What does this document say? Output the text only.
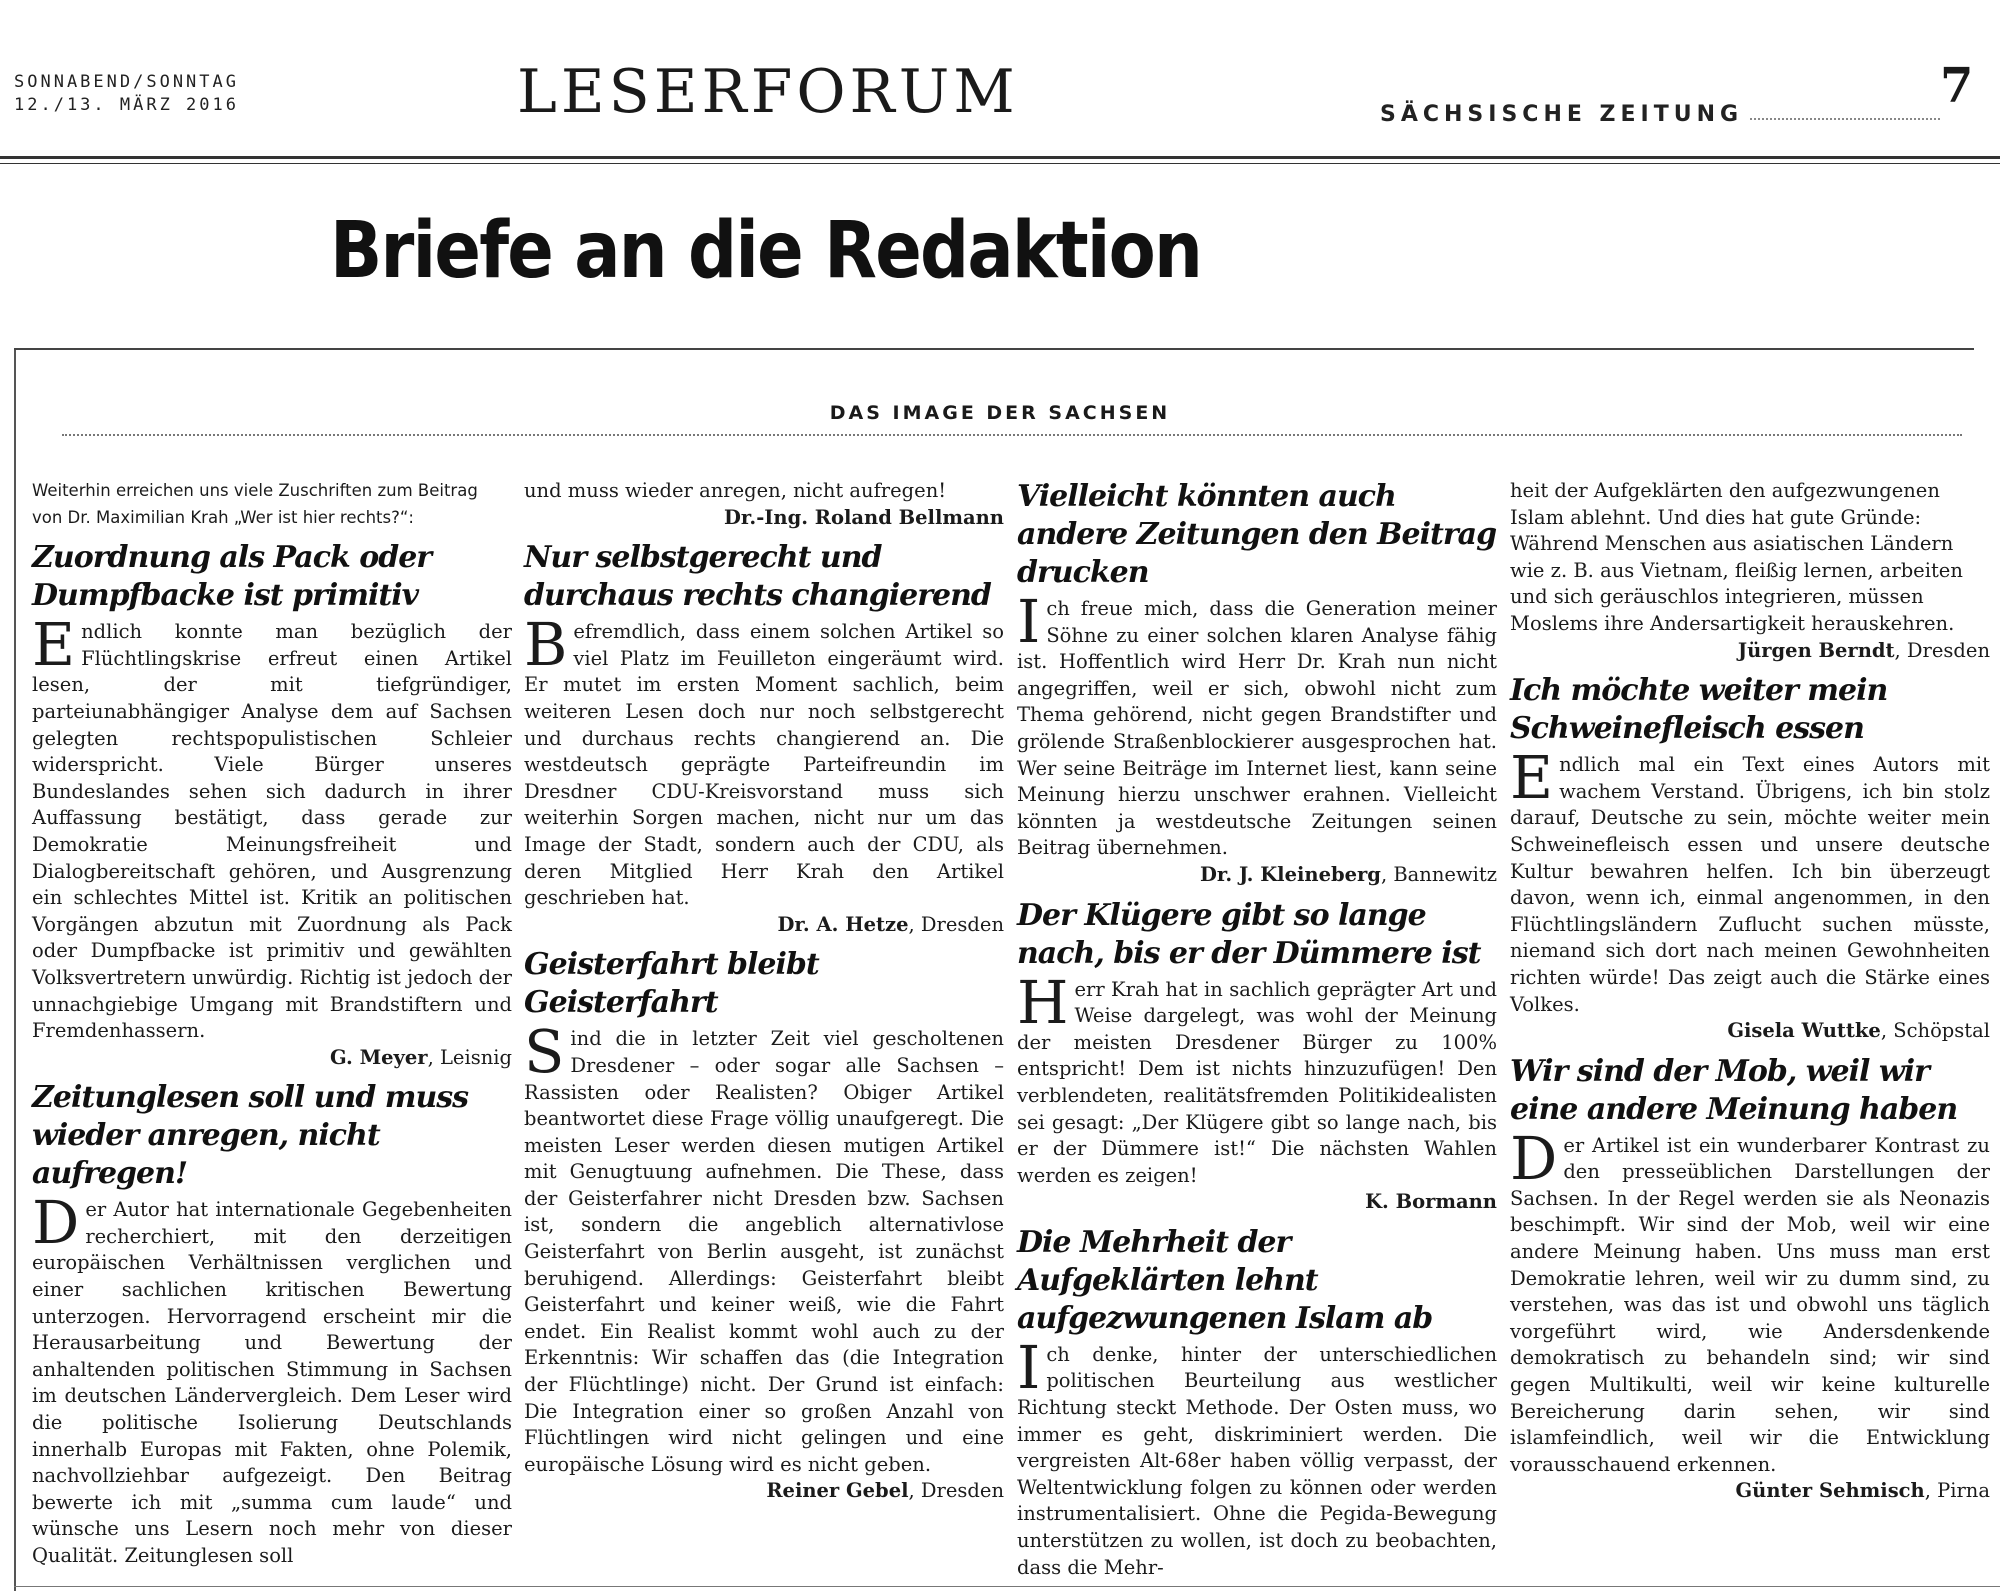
SONNABEND/SONNTAG
12./13. MÄRZ 2016	LESERFORUM	SÄCHSISCHE ZEITUNG
7
Briefe an die Redaktion
DAS IMAGE DER SACHSEN

Weiterhin erreichen uns viele Zuschriften zum Beitrag von Dr. Maximilian Krah „Wer ist hier rechts?“:

Zuordnung als Pack oder Dumpfbacke ist primitiv

Endlich konnte man bezüglich der Flüchtlingskrise erfreut einen Artikel lesen, der mit tiefgründiger, parteiunabhängiger Analyse dem auf Sachsen gelegten rechtspopulistischen Schleier widerspricht. Viele Bürger unseres Bundeslandes sehen sich dadurch in ihrer Auffassung bestätigt, dass gerade zur Demokratie Meinungsfreiheit und Dialogbereitschaft gehören, und Ausgrenzung ein schlechtes Mittel ist. Kritik an politischen Vorgängen abzutun mit Zuordnung als Pack oder Dumpfbacke ist primitiv und gewählten Volksvertretern unwürdig. Richtig ist jedoch der unnachgiebige Umgang mit Brandstiftern und Fremdenhassern.

G. Meyer, Leisnig

Zeitunglesen soll und muss wieder anregen, nicht aufregen!

Der Autor hat internationale Gegebenheiten recherchiert, mit den derzeitigen europäischen Verhältnissen verglichen und einer sachlichen kritischen Bewertung unterzogen. Hervorragend erscheint mir die Herausarbeitung und Bewertung der anhaltenden politischen Stimmung in Sachsen im deutschen Ländervergleich. Dem Leser wird die politische Isolierung Deutschlands innerhalb Europas mit Fakten, ohne Polemik, nachvollziehbar aufgezeigt. Den Beitrag bewerte ich mit „summa cum laude“ und wünsche uns Lesern noch mehr von dieser Qualität. Zeitunglesen soll

und muss wieder anregen, nicht aufregen!

Dr.-Ing. Roland Bellmann

Nur selbstgerecht und durchaus rechts changierend

Befremdlich, dass einem solchen Artikel so viel Platz im Feuilleton eingeräumt wird. Er mutet im ersten Moment sachlich, beim weiteren Lesen doch nur noch selbstgerecht und durchaus rechts changierend an. Die westdeutsch geprägte Parteifreundin im Dresdner CDU-Kreisvorstand muss sich weiterhin Sorgen machen, nicht nur um das Image der Stadt, sondern auch der CDU, als deren Mitglied Herr Krah den Artikel geschrieben hat.

Dr. A. Hetze, Dresden

Geisterfahrt bleibt Geisterfahrt

Sind die in letzter Zeit viel gescholtenen Dresdener – oder sogar alle Sachsen – Rassisten oder Realisten? Obiger Artikel beantwortet diese Frage völlig unaufgeregt. Die meisten Leser werden diesen mutigen Artikel mit Genugtuung aufnehmen. Die These, dass der Geisterfahrer nicht Dresden bzw. Sachsen ist, sondern die angeblich alternativlose Geisterfahrt von Berlin ausgeht, ist zunächst beruhigend. Allerdings: Geisterfahrt bleibt Geisterfahrt und keiner weiß, wie die Fahrt endet. Ein Realist kommt wohl auch zu der Erkenntnis: Wir schaffen das (die Integration der Flüchtlinge) nicht. Der Grund ist einfach: Die Integration einer so großen Anzahl von Flüchtlingen wird nicht gelingen und eine europäische Lösung wird es nicht geben.

Reiner Gebel, Dresden

Vielleicht könnten auch andere Zeitungen den Beitrag drucken

Ich freue mich, dass die Generation meiner Söhne zu einer solchen klaren Analyse fähig ist. Hoffentlich wird Herr Dr. Krah nun nicht angegriffen, weil er sich, obwohl nicht zum Thema gehörend, nicht gegen Brandstifter und grölende Straßenblockierer ausgesprochen hat. Wer seine Beiträge im Internet liest, kann seine Meinung hierzu unschwer erahnen. Vielleicht könnten ja westdeutsche Zeitungen seinen Beitrag übernehmen.

Dr. J. Kleineberg, Bannewitz

Der Klügere gibt so lange nach, bis er der Dümmere ist

Herr Krah hat in sachlich geprägter Art und Weise dargelegt, was wohl der Meinung der meisten Dresdener Bürger zu 100% entspricht! Dem ist nichts hinzuzufügen! Den verblendeten, realitätsfremden Politikidealisten sei gesagt: „Der Klügere gibt so lange nach, bis er der Dümmere ist!“ Die nächsten Wahlen werden es zeigen!

K. Bormann

Die Mehrheit der Aufgeklärten lehnt aufgezwungenen Islam ab

Ich denke, hinter der unterschiedlichen politischen Beurteilung aus westlicher Richtung steckt Methode. Der Osten muss, wo immer es geht, diskriminiert werden. Die vergreisten Alt-68er haben völlig verpasst, der Weltentwicklung folgen zu können oder werden instrumentalisiert. Ohne die Pegida-Bewegung unterstützen zu wollen, ist doch zu beobachten, dass die Mehr-

heit der Aufgeklärten den aufgezwungenen Islam ablehnt. Und dies hat gute Gründe: Während Menschen aus asiatischen Ländern wie z. B. aus Vietnam, fleißig lernen, arbeiten und sich geräuschlos integrieren, müssen Moslems ihre Andersartigkeit herauskehren.

Jürgen Berndt, Dresden

Ich möchte weiter mein Schweinefleisch essen

Endlich mal ein Text eines Autors mit wachem Verstand. Übrigens, ich bin stolz darauf, Deutsche zu sein, möchte weiter mein Schweinefleisch essen und unsere deutsche Kultur bewahren helfen. Ich bin überzeugt davon, wenn ich, einmal angenommen, in den Flüchtlingsländern Zuflucht suchen müsste, niemand sich dort nach meinen Gewohnheiten richten würde! Das zeigt auch die Stärke eines Volkes.

Gisela Wuttke, Schöpstal

Wir sind der Mob, weil wir eine andere Meinung haben

Der Artikel ist ein wunderbarer Kontrast zu den presseüblichen Darstellungen der Sachsen. In der Regel werden sie als Neonazis beschimpft. Wir sind der Mob, weil wir eine andere Meinung haben. Uns muss man erst Demokratie lehren, weil wir zu dumm sind, zu verstehen, was das ist und obwohl uns täglich vorgeführt wird, wie Andersdenkende demokratisch zu behandeln sind; wir sind gegen Multikulti, weil wir keine kulturelle Bereicherung darin sehen, wir sind islamfeindlich, weil wir die Entwicklung vorausschauend erkennen.

Günter Sehmisch, Pirna
